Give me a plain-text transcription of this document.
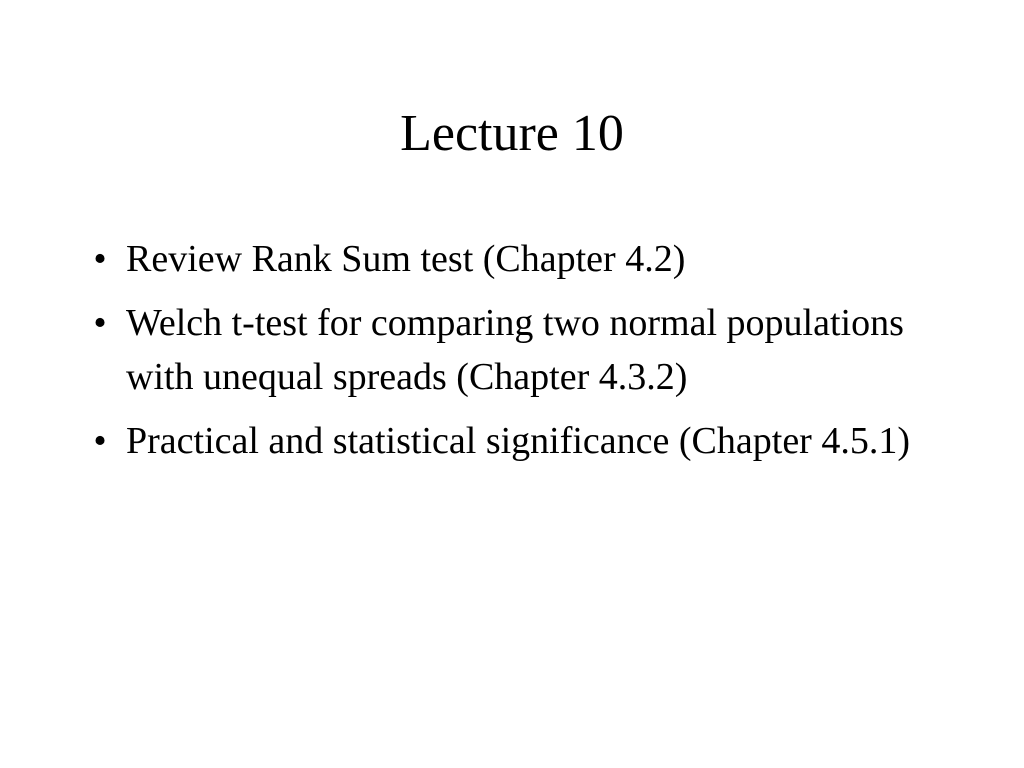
Lecture 10
• Review Rank Sum test (Chapter 4.2)
• Welch t-test for comparing two normal populations with unequal spreads (Chapter 4.3.2)
• Practical and statistical significance (Chapter 4.5.1)
